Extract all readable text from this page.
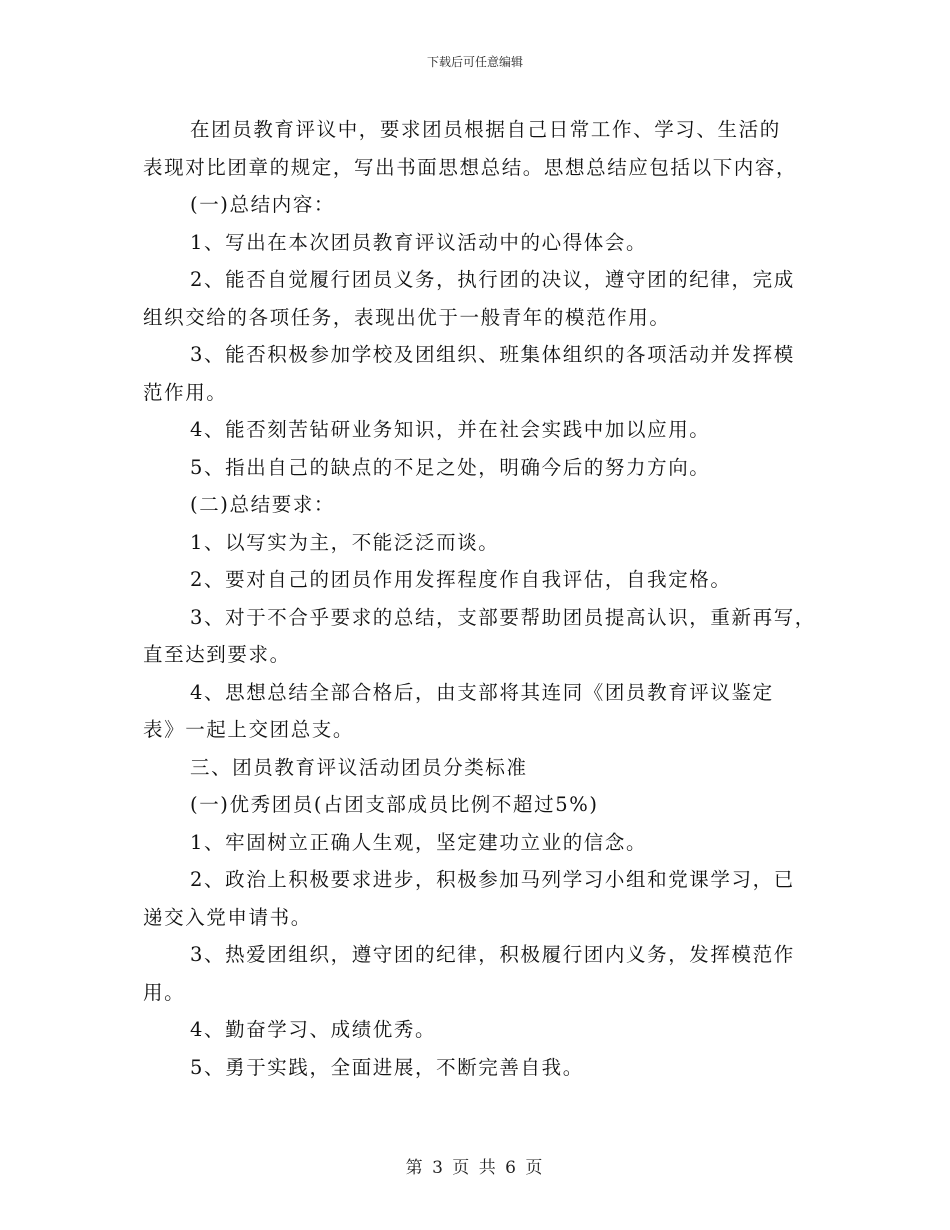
下载后可任意编辑

在团员教育评议中，要求团员根据自己日常工作、学习、生活的

表现对比团章的规定，写出书面思想总结。思想总结应包括以下内容，

(一)总结内容：

1、写出在本次团员教育评议活动中的心得体会。

2、能否自觉履行团员义务，执行团的决议，遵守团的纪律，完成

组织交给的各项任务，表现出优于一般青年的模范作用。

3、能否积极参加学校及团组织、班集体组织的各项活动并发挥模

范作用。

4、能否刻苦钻研业务知识，并在社会实践中加以应用。

5、指出自己的缺点的不足之处，明确今后的努力方向。

(二)总结要求：

1、以写实为主，不能泛泛而谈。

2、要对自己的团员作用发挥程度作自我评估，自我定格。

3、对于不合乎要求的总结，支部要帮助团员提高认识，重新再写，

直至达到要求。

4、思想总结全部合格后，由支部将其连同《团员教育评议鉴定

表》一起上交团总支。

三、团员教育评议活动团员分类标准

(一)优秀团员(占团支部成员比例不超过5%)

1、牢固树立正确人生观，坚定建功立业的信念。

2、政治上积极要求进步，积极参加马列学习小组和党课学习，已

递交入党申请书。

3、热爱团组织，遵守团的纪律，积极履行团内义务，发挥模范作

用。

4、勤奋学习、成绩优秀。

5、勇于实践，全面进展，不断完善自我。

第 3 页 共 6 页
